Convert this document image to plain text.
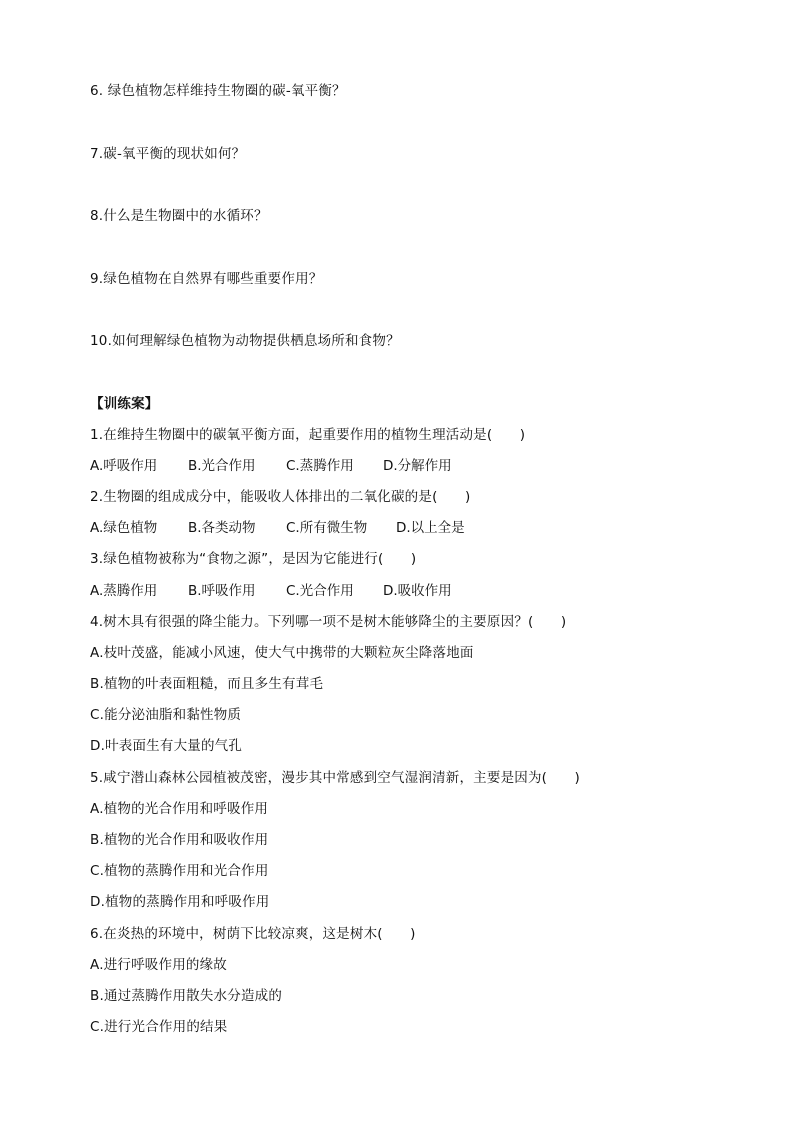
6. 绿色植物怎样维持生物圈的碳-氧平衡？
7.碳-氧平衡的现状如何？
8.什么是生物圈中的水循环？
9.绿色植物在自然界有哪些重要作用？
10.如何理解绿色植物为动物提供栖息场所和食物？
【训练案】
1.在维持生物圈中的碳氧平衡方面，起重要作用的植物生理活动是(　　)
A.呼吸作用 B.光合作用 C.蒸腾作用 D.分解作用
2.生物圈的组成成分中，能吸收人体排出的二氧化碳的是(　　)
A.绿色植物 B.各类动物 C.所有微生物 D.以上全是
3.绿色植物被称为“食物之源”，是因为它能进行(　　)
A.蒸腾作用 B.呼吸作用 C.光合作用 D.吸收作用
4.树木具有很强的降尘能力。下列哪一项不是树木能够降尘的主要原因？(　　)
A.枝叶茂盛，能减小风速，使大气中携带的大颗粒灰尘降落地面
B.植物的叶表面粗糙，而且多生有茸毛
C.能分泌油脂和黏性物质
D.叶表面生有大量的气孔
5.咸宁潜山森林公园植被茂密，漫步其中常感到空气湿润清新，主要是因为(　　)
A.植物的光合作用和呼吸作用
B.植物的光合作用和吸收作用
C.植物的蒸腾作用和光合作用
D.植物的蒸腾作用和呼吸作用
6.在炎热的环境中，树荫下比较凉爽，这是树木(　　)
A.进行呼吸作用的缘故
B.通过蒸腾作用散失水分造成的
C.进行光合作用的结果
